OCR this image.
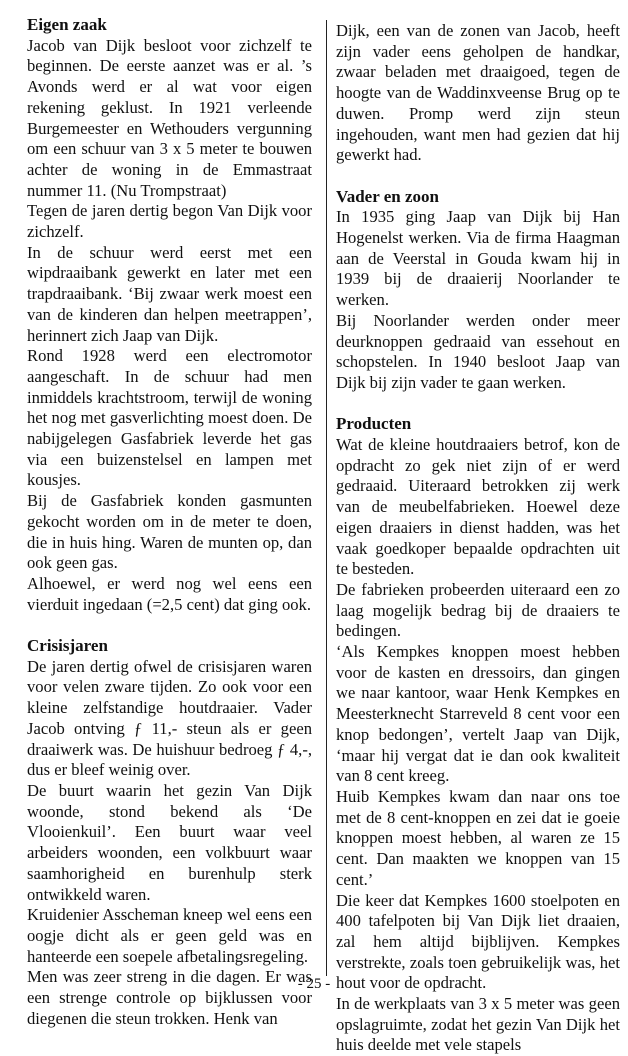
Eigen zaak

Jacob van Dijk besloot voor zichzelf te beginnen. De eerste aanzet was er al. ’s Avonds werd er al wat voor eigen rekening geklust. In 1921 verleende Burgemeester en Wethouders vergunning om een schuur van 3 x 5 meter te bouwen achter de woning in de Emmastraat nummer 11. (Nu Trompstraat)

Tegen de jaren dertig begon Van Dijk voor zichzelf.

In de schuur werd eerst met een wipdraaibank gewerkt en later met een trapdraaibank. ‘Bij zwaar werk moest een van de kinderen dan helpen meetrappen’, herinnert zich Jaap van Dijk.

Rond 1928 werd een electromotor aangeschaft. In de schuur had men inmiddels krachtstroom, terwijl de woning het nog met gasverlichting moest doen. De nabijgelegen Gasfabriek leverde het gas via een buizenstelsel en lampen met kousjes.

Bij de Gasfabriek konden gasmunten gekocht worden om in de meter te doen, die in huis hing. Waren de munten op, dan ook geen gas.

Alhoewel, er werd nog wel eens een vierduit ingedaan (=2,5 cent) dat ging ook.

Crisisjaren

De jaren dertig ofwel de crisisjaren waren voor velen zware tijden. Zo ook voor een kleine zelfstandige houtdraaier. Vader Jacob ontving ƒ 11,- steun als er geen draaiwerk was. De huishuur bedroeg ƒ 4,-, dus er bleef weinig over.

De buurt waarin het gezin Van Dijk woonde, stond bekend als ‘De Vlooienkuil’. Een buurt waar veel arbeiders woonden, een volkbuurt waar saamhorigheid en burenhulp sterk ontwikkeld waren.

Kruidenier Asscheman kneep wel eens een oogje dicht als er geen geld was en hanteerde een soepele afbetalingsregeling.

Men was zeer streng in die dagen. Er was een strenge controle op bijklussen voor diegenen die steun trokken. Henk van

Dijk, een van de zonen van Jacob, heeft zijn vader eens geholpen de handkar, zwaar beladen met draaigoed, tegen de hoogte van de Waddinxveense Brug op te duwen. Promp werd zijn steun ingehouden, want men had gezien dat hij gewerkt had.

Vader en zoon

In 1935 ging Jaap van Dijk bij Han Hogenelst werken. Via de firma Haagman aan de Veerstal in Gouda kwam hij in 1939 bij de draaierij Noorlander te werken.

Bij Noorlander werden onder meer deurknoppen gedraaid van essehout en schopstelen. In 1940 besloot Jaap van Dijk bij zijn vader te gaan werken.

Producten

Wat de kleine houtdraaiers betrof, kon de opdracht zo gek niet zijn of er werd gedraaid. Uiteraard betrokken zij werk van de meubelfabrieken. Hoewel deze eigen draaiers in dienst hadden, was het vaak goedkoper bepaalde opdrachten uit te besteden.

De fabrieken probeerden uiteraard een zo laag mogelijk bedrag bij de draaiers te bedingen.

‘Als Kempkes knoppen moest hebben voor de kasten en dressoirs, dan gingen we naar kantoor, waar Henk Kempkes en Meesterknecht Starreveld 8 cent voor een knop bedongen’, vertelt Jaap van Dijk, ‘maar hij vergat dat ie dan ook kwaliteit van 8 cent kreeg.

Huib Kempkes kwam dan naar ons toe met de 8 cent-knoppen en zei dat ie goeie knoppen moest hebben, al waren ze 15 cent. Dan maakten we knoppen van 15 cent.’

Die keer dat Kempkes 1600 stoelpoten en 400 tafelpoten bij Van Dijk liet draaien, zal hem altijd bijblijven. Kempkes verstrekte, zoals toen gebruikelijk was, het hout voor de opdracht.

In de werkplaats van 3 x 5 meter was geen opslagruimte, zodat het gezin Van Dijk het huis deelde met vele stapels

- 25 -
